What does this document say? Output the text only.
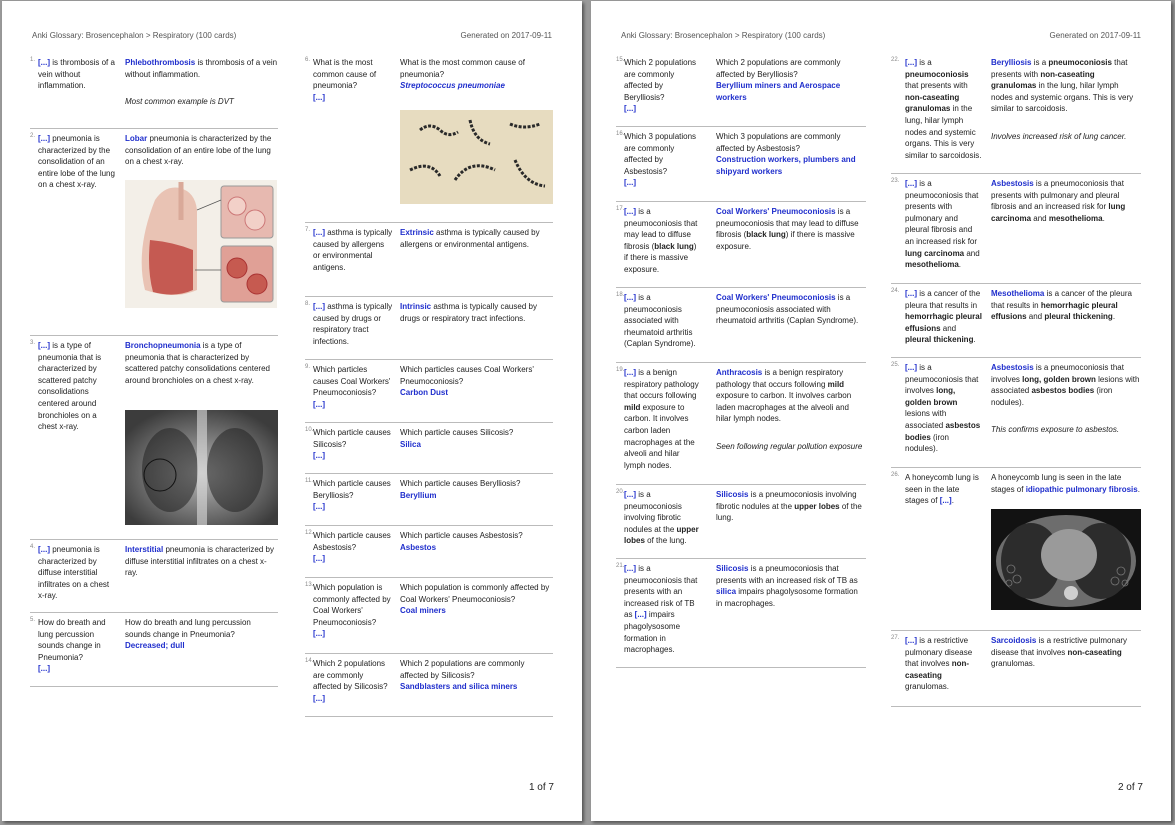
Anki Glossary: Brosencephalon > Respiratory (100 cards)	Generated on 2017-09-11
1. [...] is thrombosis of a vein without inflammation.
Phlebothrombosis is thrombosis of a vein without inflammation.
Most common example is DVT
2. [...] pneumonia is characterized by the consolidation of an entire lobe of the lung on a chest x-ray.
Lobar pneumonia is characterized by the consolidation of an entire lobe of the lung on a chest x-ray.
3. [...] is a type of pneumonia that is characterized by scattered patchy consolidations centered around bronchioles on a chest x-ray.
Bronchopneumonia is a type of pneumonia that is characterized by scattered patchy consolidations centered around bronchioles on a chest x-ray.
4. [...] pneumonia is characterized by diffuse interstitial infiltrates on a chest x-ray.
Interstitial pneumonia is characterized by diffuse interstitial infiltrates on a chest x-ray.
5. How do breath and lung percussion sounds change in Pneumonia?
[...]
How do breath and lung percussion sounds change in Pneumonia?
Decreased; dull
6. What is the most common cause of pneumonia?
[...]
What is the most common cause of pneumonia?
Streptococcus pneumoniae
7. [...] asthma is typically caused by allergens or environmental antigens.
Extrinsic asthma is typically caused by allergens or environmental antigens.
8. [...] asthma is typically caused by drugs or respiratory tract infections.
Intrinsic asthma is typically caused by drugs or respiratory tract infections.
9. Which particles causes Coal Workers' Pneumoconiosis?
[...]
Which particles causes Coal Workers' Pneumoconiosis?
Carbon Dust
10. Which particle causes Silicosis?
[...]
Which particle causes Silicosis?
Silica
11. Which particle causes Berylliosis?
[...]
Which particle causes Berylliosis?
Beryllium
12. Which particle causes Asbestosis?
[...]
Which particle causes Asbestosis?
Asbestos
13. Which population is commonly affected by Coal Workers' Pneumoconiosis?
[...]
Which population is commonly affected by Coal Workers' Pneumoconiosis?
Coal miners
14. Which 2 populations are commonly affected by Silicosis?
[...]
Which 2 populations are commonly affected by Silicosis?
Sandblasters and silica miners
1 of 7
Anki Glossary: Brosencephalon > Respiratory (100 cards)	Generated on 2017-09-11
15. Which 2 populations are commonly affected by Berylliosis?
[...]
Which 2 populations are commonly affected by Berylliosis?
Beryllium miners and Aerospace workers
16. Which 3 populations are commonly affected by Asbestosis?
[...]
Which 3 populations are commonly affected by Asbestosis?
Construction workers, plumbers and shipyard workers
17. [...] is a pneumoconiosis that may lead to diffuse fibrosis (black lung) if there is massive exposure.
Coal Workers' Pneumoconiosis is a pneumoconiosis that may lead to diffuse fibrosis (black lung) if there is massive exposure.
18. [...] is a pneumoconiosis associated with rheumatoid arthritis (Caplan Syndrome).
Coal Workers' Pneumoconiosis is a pneumoconiosis associated with rheumatoid arthritis (Caplan Syndrome).
19. [...] is a benign respiratory pathology that occurs following mild exposure to carbon. It involves carbon laden macrophages at the alveoli and hilar lymph nodes.
Anthracosis is a benign respiratory pathology that occurs following mild exposure to carbon. It involves carbon laden macrophages at the alveoli and hilar lymph nodes.
Seen following regular pollution exposure
20. [...] is a pneumoconiosis involving fibrotic nodules at the upper lobes of the lung.
Silicosis is a pneumoconiosis involving fibrotic nodules at the upper lobes of the lung.
21. [...] is a pneumoconiosis that presents with an increased risk of TB as [...] impairs phagolysosome formation in macrophages.
Silicosis is a pneumoconiosis that presents with an increased risk of TB as silica impairs phagolysosome formation in macrophages.
22. [...] is a pneumoconiosis that presents with non-caseating granulomas in the lung, hilar lymph nodes and systemic organs. This is very similar to sarcoidosis.
Berylliosis is a pneumoconiosis that presents with non-caseating granulomas in the lung, hilar lymph nodes and systemic organs. This is very similar to sarcoidosis.
Involves increased risk of lung cancer.
23. [...] is a pneumoconiosis that presents with pulmonary and pleural fibrosis and an increased risk for lung carcinoma and mesothelioma.
Asbestosis is a pneumoconiosis that presents with pulmonary and pleural fibrosis and an increased risk for lung carcinoma and mesothelioma.
24. [...] is a cancer of the pleura that results in hemorrhagic pleural effusions and pleural thickening.
Mesothelioma is a cancer of the pleura that results in hemorrhagic pleural effusions and pleural thickening.
25. [...] is a pneumoconiosis that involves long, golden brown lesions with associated asbestos bodies (iron nodules).
Asbestosis is a pneumoconiosis that involves long, golden brown lesions with associated asbestos bodies (iron nodules).
This confirms exposure to asbestos.
26. A honeycomb lung is seen in the late stages of [...].
A honeycomb lung is seen in the late stages of idiopathic pulmonary fibrosis.
27. [...] is a restrictive pulmonary disease that involves non-caseating granulomas.
Sarcoidosis is a restrictive pulmonary disease that involves non-caseating granulomas.
2 of 7
